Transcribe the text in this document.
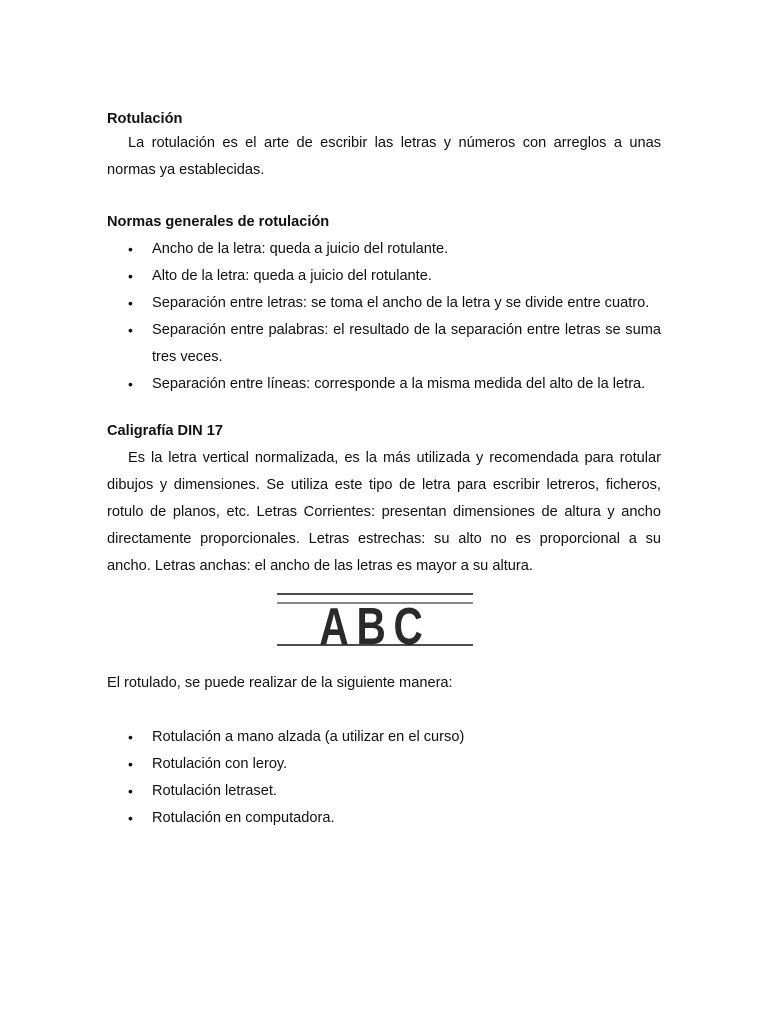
Rotulación

La rotulación es el arte de escribir las letras y números con arreglos a unas normas ya establecidas.

Normas generales de rotulación

• Ancho de la letra: queda a juicio del rotulante.
• Alto de la letra: queda a juicio del rotulante.
• Separación entre letras: se toma el ancho de la letra y se divide entre cuatro.
• Separación entre palabras: el resultado de la separación entre letras se suma tres veces.
• Separación entre líneas: corresponde a la misma medida del alto de la letra.

Caligrafía DIN 17

Es la letra vertical normalizada, es la más utilizada y recomendada para rotular dibujos y dimensiones. Se utiliza este tipo de letra para escribir letreros, ficheros, rotulo de planos, etc. Letras Corrientes: presentan dimensiones de altura y ancho directamente proporcionales. Letras estrechas: su alto no es proporcional a su ancho. Letras anchas: el ancho de las letras es mayor a su altura.

ABC

El rotulado, se puede realizar de la siguiente manera:

• Rotulación a mano alzada (a utilizar en el curso)
• Rotulación con leroy.
• Rotulación letraset.
• Rotulación en computadora.
